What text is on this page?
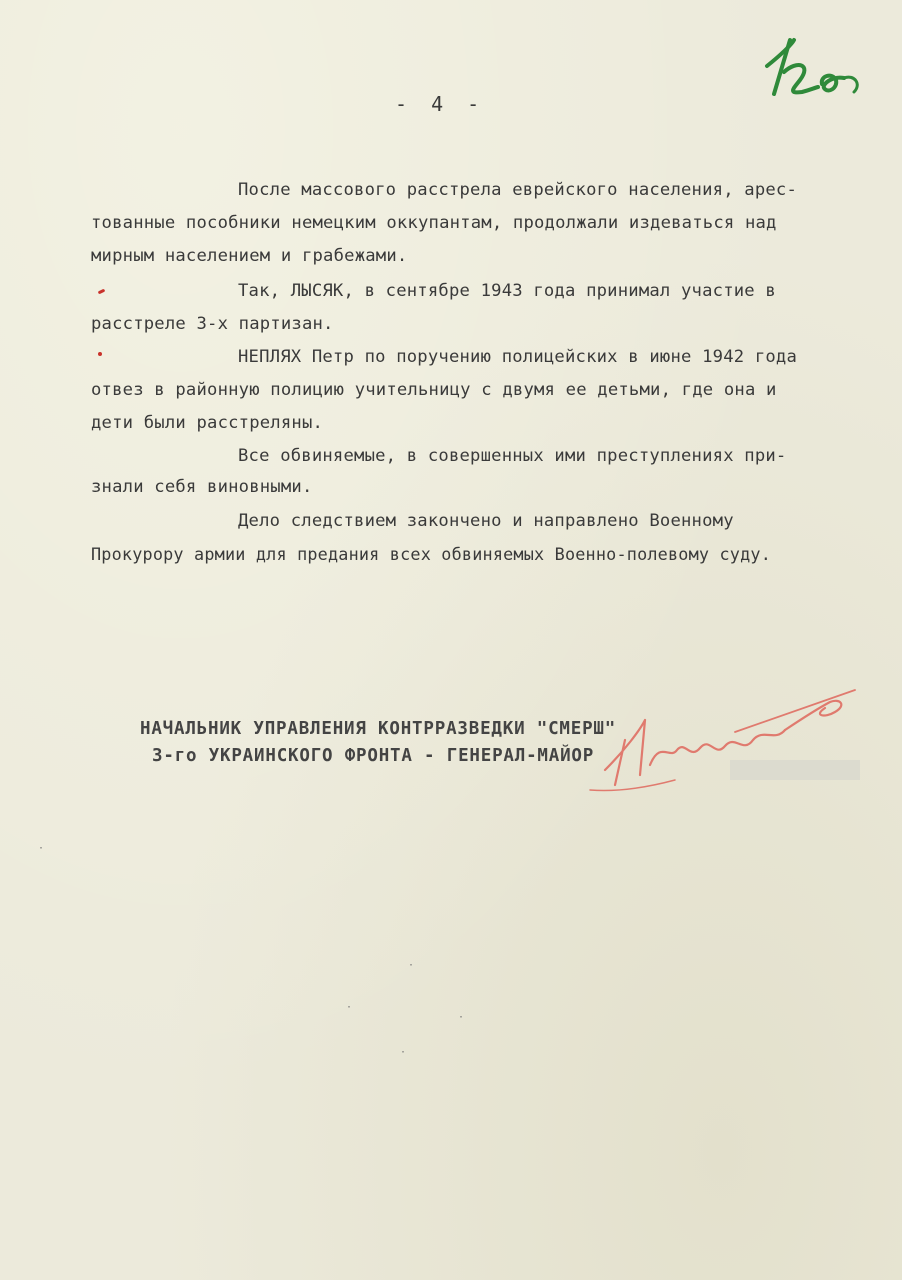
- 4 -
После массового расстрела еврейского населения, арес-
тованные пособники немецким оккупантам, продолжали издеваться над
мирным населением и грабежами.
Так, ЛЫСЯК, в сентябре 1943 года принимал участие в
расстреле 3-х партизан.
НЕПЛЯХ Петр по поручению полицейских в июне 1942 года
отвез в районную полицию учительницу с двумя ее детьми, где она и
дети были расстреляны.
Все обвиняемые, в совершенных ими преступлениях при-
знали себя виновными.
Дело следствием закончено и направлено Военному
Прокурору армии для предания всех обвиняемых Военно-полевому суду.
НАЧАЛЬНИК УПРАВЛЕНИЯ КОНТРРАЗВЕДКИ "СМЕРШ"
3-го УКРАИНСКОГО ФРОНТА - ГЕНЕРАЛ-МАЙОР
·
·
·
·
·
